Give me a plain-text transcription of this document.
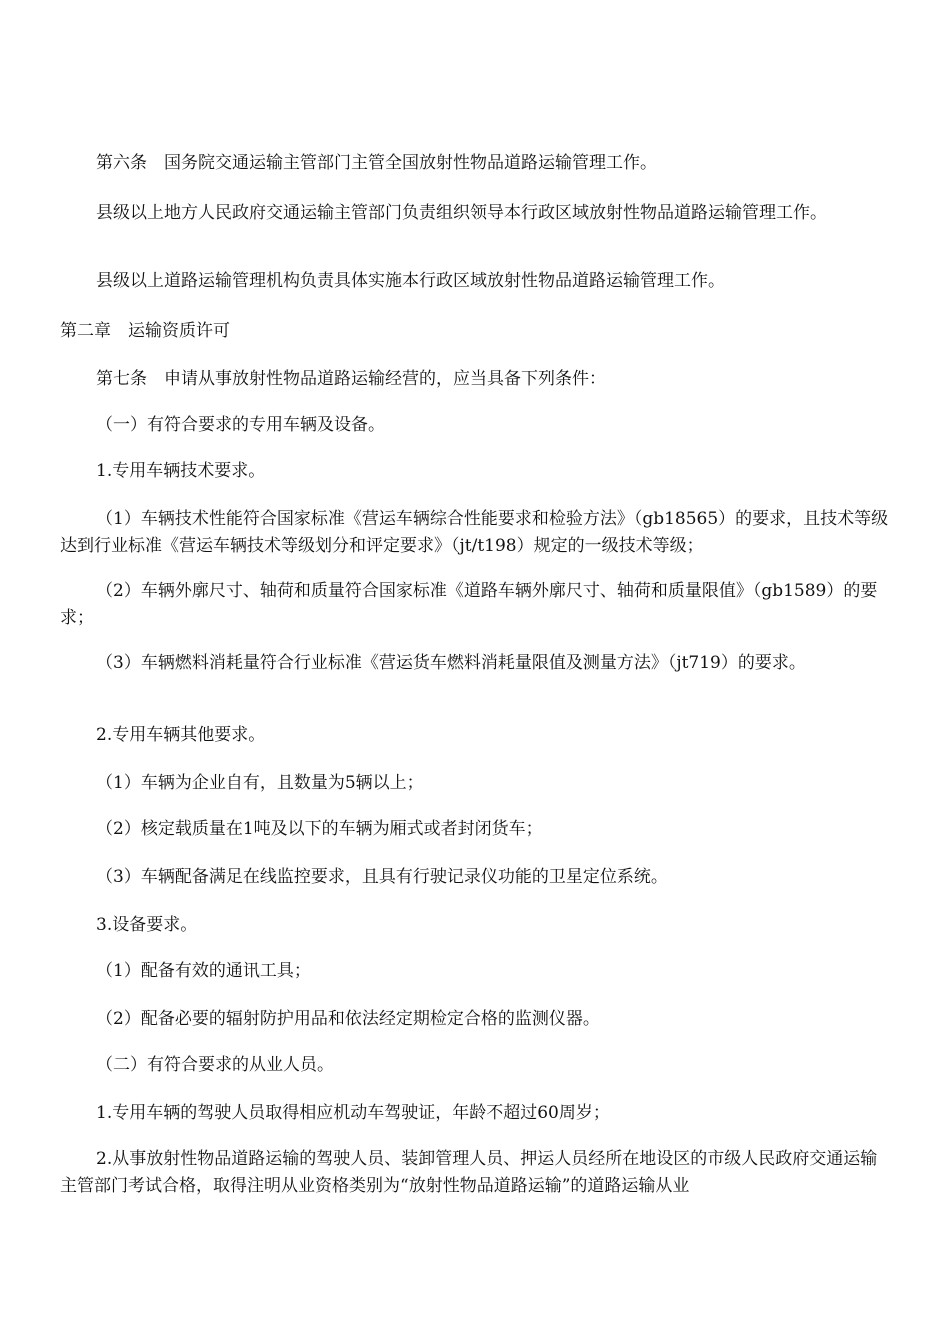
第六条　国务院交通运输主管部门主管全国放射性物品道路运输管理工作。

县级以上地方人民政府交通运输主管部门负责组织领导本行政区域放射性物品道路运输管理工作。

县级以上道路运输管理机构负责具体实施本行政区域放射性物品道路运输管理工作。

第二章　运输资质许可

第七条　申请从事放射性物品道路运输经营的，应当具备下列条件：

（一）有符合要求的专用车辆及设备。

1.专用车辆技术要求。

（1）车辆技术性能符合国家标准《营运车辆综合性能要求和检验方法》（gb18565）的要求，且技术等级达到行业标准《营运车辆技术等级划分和评定要求》（jt/t198）规定的一级技术等级；

（2）车辆外廓尺寸、轴荷和质量符合国家标准《道路车辆外廓尺寸、轴荷和质量限值》（gb1589）的要求；

（3）车辆燃料消耗量符合行业标准《营运货车燃料消耗量限值及测量方法》（jt719）的要求。

2.专用车辆其他要求。

（1）车辆为企业自有，且数量为5辆以上；

（2）核定载质量在1吨及以下的车辆为厢式或者封闭货车；

（3）车辆配备满足在线监控要求，且具有行驶记录仪功能的卫星定位系统。

3.设备要求。

（1）配备有效的通讯工具；

（2）配备必要的辐射防护用品和依法经定期检定合格的监测仪器。

（二）有符合要求的从业人员。

1.专用车辆的驾驶人员取得相应机动车驾驶证，年龄不超过60周岁；

2.从事放射性物品道路运输的驾驶人员、装卸管理人员、押运人员经所在地设区的市级人民政府交通运输主管部门考试合格，取得注明从业资格类别为“放射性物品道路运输”的道路运输从业
